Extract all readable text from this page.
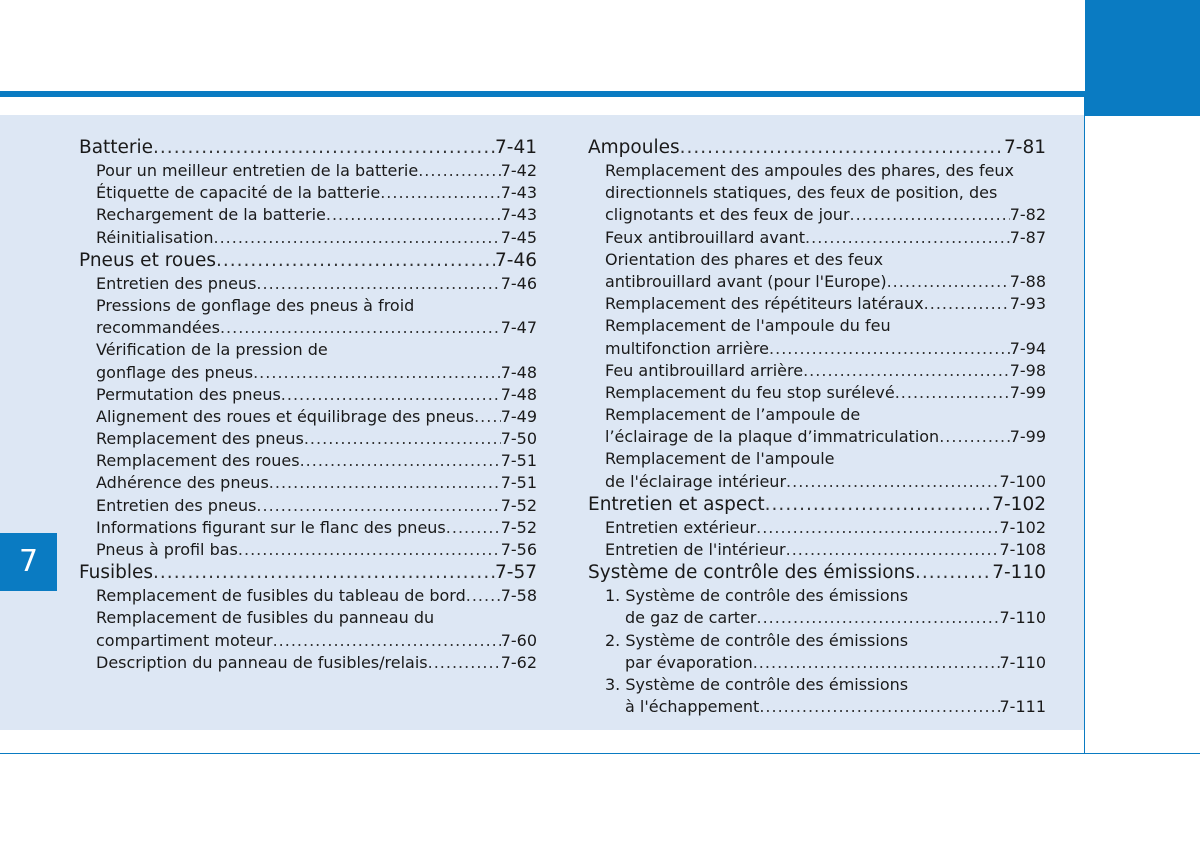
7
Batterie .....	7-41
Pour un meilleur entretien de la batterie .....	7-42
Étiquette de capacité de la batterie .....	7-43
Rechargement de la batterie .....	7-43
Réinitialisation .....	7-45
Pneus et roues .....	7-46
Entretien des pneus .....	7-46
Pressions de gonflage des pneus à froid
recommandées .....	7-47
Vérification de la pression de
gonflage des pneus .....	7-48
Permutation des pneus .....	7-48
Alignement des roues et équilibrage des pneus ..... 7-49
Remplacement des pneus .....	7-50
Remplacement des roues .....	7-51
Adhérence des pneus .....	7-51
Entretien des pneus .....	7-52
Informations figurant sur le flanc des pneus .....	7-52
Pneus à profil bas .....	7-56
Fusibles .....	7-57
Remplacement de fusibles du tableau de bord ..... 7-58
Remplacement de fusibles du panneau du
compartiment moteur .....	7-60
Description du panneau de fusibles/relais .....	7-62
Ampoules .....	7-81
Remplacement des ampoules des phares, des feux
directionnels statiques, des feux de position, des
clignotants et des feux de jour .....	7-82
Feux antibrouillard avant .....	7-87
Orientation des phares et des feux
antibrouillard avant (pour l'Europe) .....	7-88
Remplacement des répétiteurs latéraux .....	7-93
Remplacement de l'ampoule du feu
multifonction arrière .....	7-94
Feu antibrouillard arrière .....	7-98
Remplacement du feu stop surélevé .....	7-99
Remplacement de l’ampoule de
l’éclairage de la plaque d’immatriculation .....	7-99
Remplacement de l'ampoule
de l'éclairage intérieur .....	7-100
Entretien et aspect .....	7-102
Entretien extérieur .....	7-102
Entretien de l'intérieur .....	7-108
Système de contrôle des émissions .....	7-110
1. Système de contrôle des émissions
de gaz de carter .....	7-110
2. Système de contrôle des émissions
par évaporation .....	7-110
3. Système de contrôle des émissions
à l'échappement .....	7-111
